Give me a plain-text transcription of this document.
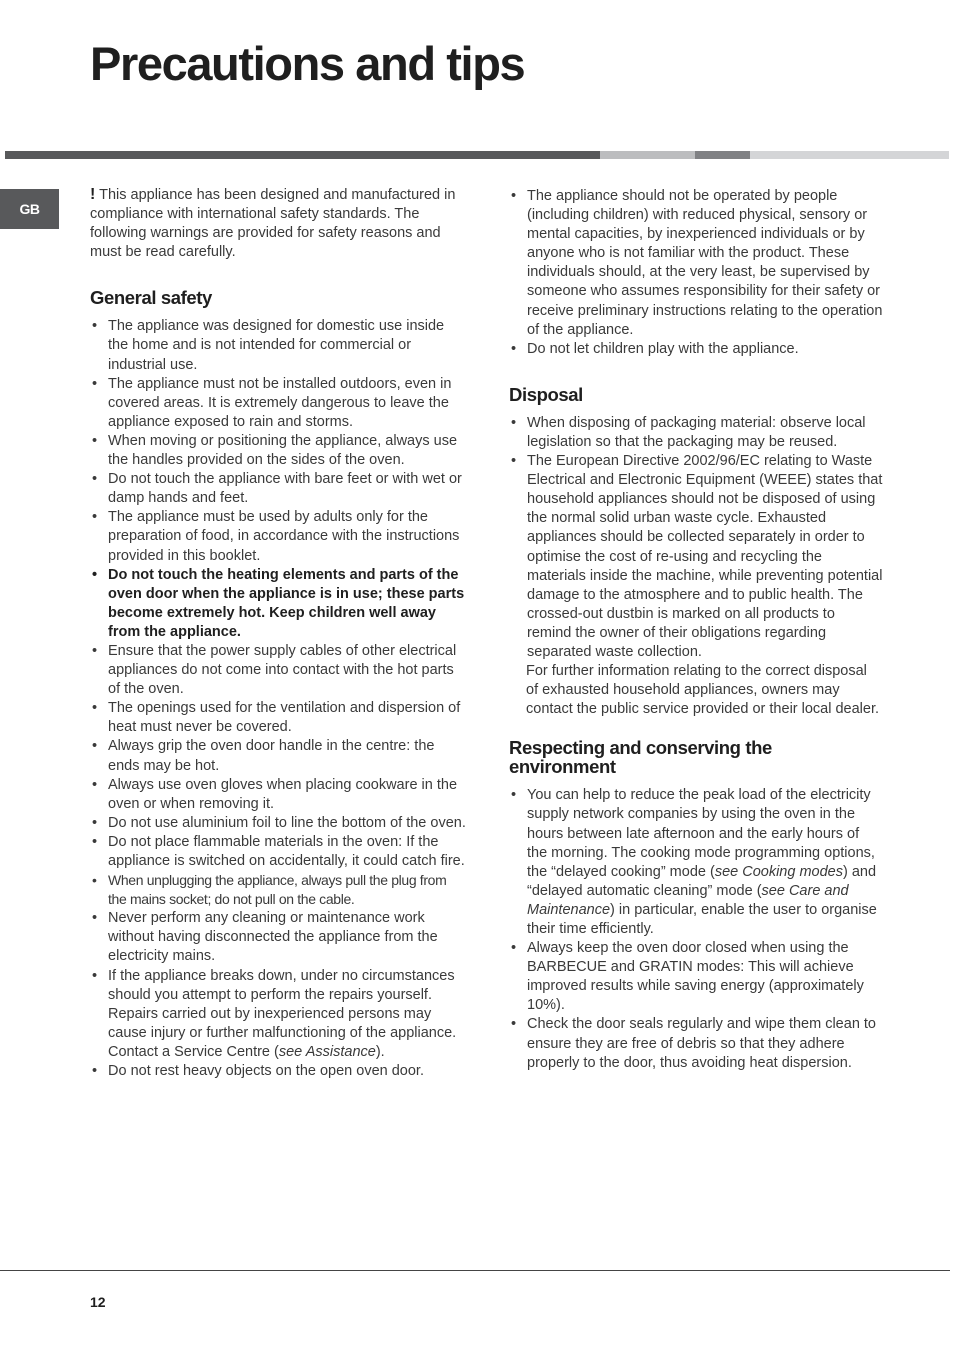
Precautions and tips
GB

! This appliance has been designed and manufactured in compliance with international safety standards. The following warnings are provided for safety reasons and must be read carefully.

General safety
• The appliance was designed for domestic use inside the home and is not intended for commercial or industrial use.
• The appliance must not be installed outdoors, even in covered areas. It is extremely dangerous to leave the appliance exposed to rain and storms.
• When moving or positioning the appliance, always use the handles provided on the sides of the oven.
• Do not touch the appliance with bare feet or with wet or damp hands and feet.
• The appliance must be used by adults only for the preparation of food, in accordance with the instructions provided in this booklet.
• Do not touch the heating elements and parts of the oven door when the appliance is in use; these parts become extremely hot. Keep children well away from the appliance.
• Ensure that the power supply cables of other electrical appliances do not come into contact with the hot parts of the oven.
• The openings used for the ventilation and dispersion of heat must never be covered.
• Always grip the oven door handle in the centre: the ends may be hot.
• Always use oven gloves when placing cookware in the oven or when removing it.
• Do not use aluminium foil to line the bottom of the oven.
• Do not place flammable materials in the oven: If the appliance is switched on accidentally, it could catch fire.
• When unplugging the appliance, always pull the plug from the mains socket; do not pull on the cable.
• Never perform any cleaning or maintenance work without having disconnected the appliance from the electricity mains.
• If the appliance breaks down, under no circumstances should you attempt to perform the repairs yourself. Repairs carried out by inexperienced persons may cause injury or further malfunctioning of the appliance. Contact a Service Centre (see Assistance).
• Do not rest heavy objects on the open oven door.
• The appliance should not be operated by people (including children) with reduced physical, sensory or mental capacities, by inexperienced individuals or by anyone who is not familiar with the product. These individuals should, at the very least, be supervised by someone who assumes responsibility for their safety or receive preliminary instructions relating to the operation of the appliance.
• Do not let children play with the appliance.
Disposal
• When disposing of packaging material: observe local legislation so that the packaging may be reused.
• The European Directive 2002/96/EC relating to Waste Electrical and Electronic Equipment (WEEE) states that household appliances should not be disposed of using the normal solid urban waste cycle. Exhausted appliances should be collected separately in order to optimise the cost of re-using and recycling the materials inside the machine, while preventing potential damage to the atmosphere and to public health. The crossed-out dustbin is marked on all products to remind the owner of their obligations regarding separated waste collection.

For further information relating to the correct disposal of exhausted household appliances, owners may contact the public service provided or their local dealer.

Respecting and conserving the environment
• You can help to reduce the peak load of the electricity supply network companies by using the oven in the hours between late afternoon and the early hours of the morning. The cooking mode programming options, the “delayed cooking” mode (see Cooking modes) and “delayed automatic cleaning” mode (see Care and Maintenance) in particular, enable the user to organise their time efficiently.
• Always keep the oven door closed when using the BARBECUE and GRATIN modes: This will achieve improved results while saving energy (approximately 10%).
• Check the door seals regularly and wipe them clean to ensure they are free of debris so that they adhere properly to the door, thus avoiding heat dispersion.
12
